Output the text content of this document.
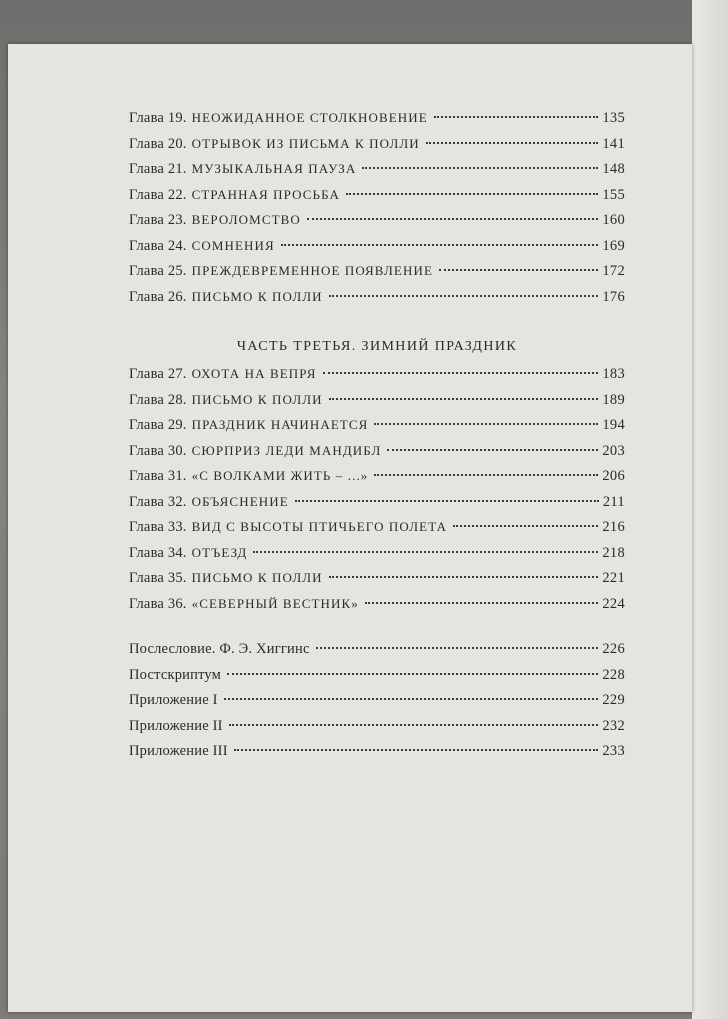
Глава 19. НЕОЖИДАННОЕ СТОЛКНОВЕНИЕ	135
Глава 20. ОТРЫВОК ИЗ ПИСЬМА К ПОЛЛИ	141
Глава 21. МУЗЫКАЛЬНАЯ ПАУЗА	148
Глава 22. СТРАННАЯ ПРОСЬБА	155
Глава 23. ВЕРОЛОМСТВО	160
Глава 24. СОМНЕНИЯ	169
Глава 25. ПРЕЖДЕВРЕМЕННОЕ ПОЯВЛЕНИЕ	172
Глава 26. ПИСЬМО К ПОЛЛИ	176
ЧАСТЬ ТРЕТЬЯ. ЗИМНИЙ ПРАЗДНИК
Глава 27. ОХОТА НА ВЕПРЯ	183
Глава 28. ПИСЬМО К ПОЛЛИ	189
Глава 29. ПРАЗДНИК НАЧИНАЕТСЯ	194
Глава 30. СЮРПРИЗ ЛЕДИ МАНДИБЛ	203
Глава 31. «С ВОЛКАМИ ЖИТЬ – ...»	206
Глава 32. ОБЪЯСНЕНИЕ	211
Глава 33. ВИД С ВЫСОТЫ ПТИЧЬЕГО ПОЛЕТА	216
Глава 34. ОТЪЕЗД	218
Глава 35. ПИСЬМО К ПОЛЛИ	221
Глава 36. «СЕВЕРНЫЙ ВЕСТНИК»	224
Послесловие. Ф. Э. Хиггинс	226
Постскриптум	228
Приложение I	229
Приложение II	232
Приложение III	233
